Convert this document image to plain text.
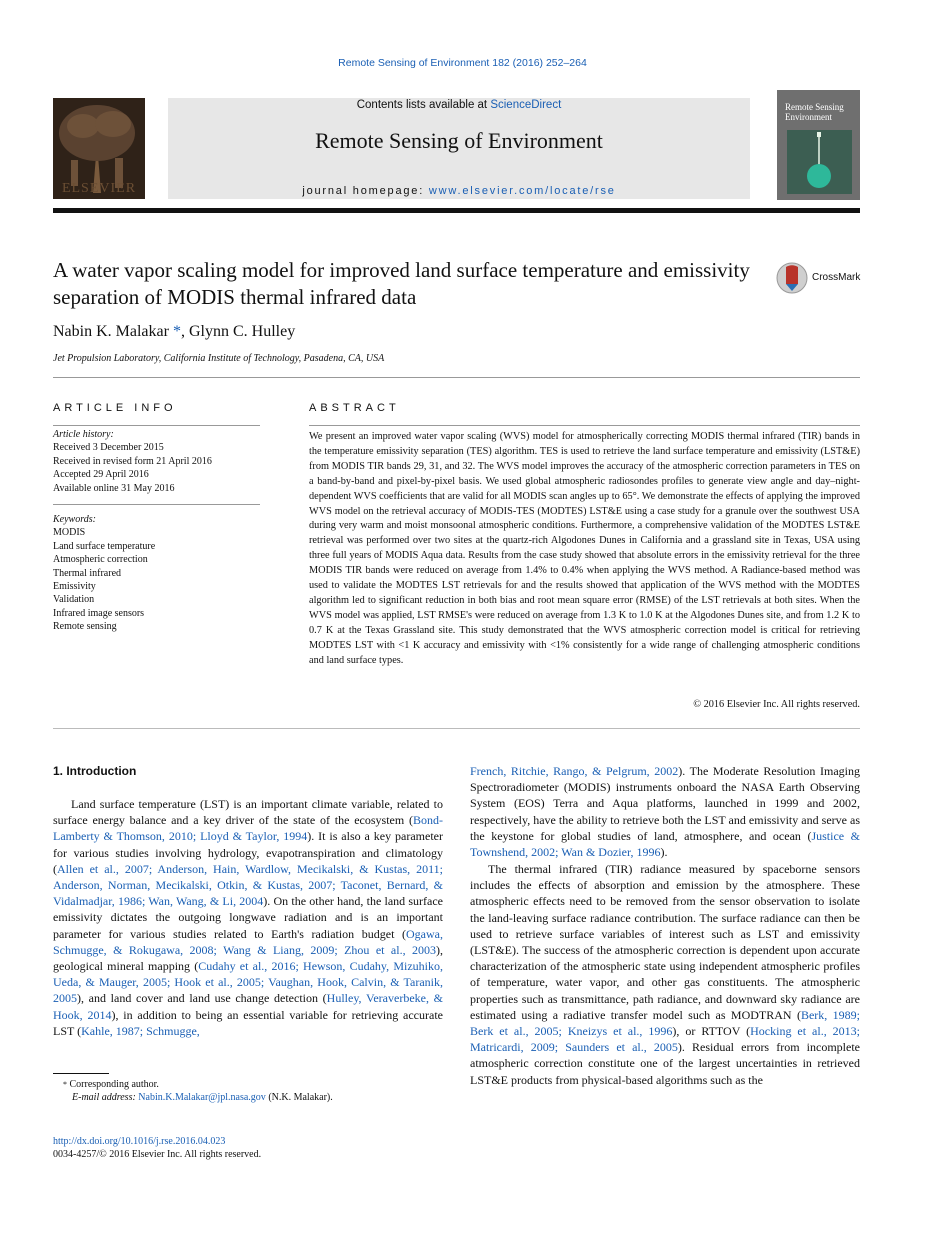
Remote Sensing of Environment 182 (2016) 252–264
ELSEVIER
Contents lists available at ScienceDirect
Remote Sensing of Environment
journal homepage: www.elsevier.com/locate/rse
Remote Sensing Environment
A water vapor scaling model for improved land surface temperature and emissivity separation of MODIS thermal infrared data
CrossMark
Nabin K. Malakar *, Glynn C. Hulley
Jet Propulsion Laboratory, California Institute of Technology, Pasadena, CA, USA
ARTICLE INFO
Article history:
Received 3 December 2015
Received in revised form 21 April 2016
Accepted 29 April 2016
Available online 31 May 2016
Keywords:
MODIS
Land surface temperature
Atmospheric correction
Thermal infrared
Emissivity
Validation
Infrared image sensors
Remote sensing
ABSTRACT
We present an improved water vapor scaling (WVS) model for atmospherically correcting MODIS thermal infrared (TIR) bands in the temperature emissivity separation (TES) algorithm. TES is used to retrieve the land surface temperature and emissivity (LST&E) from MODIS TIR bands 29, 31, and 32. The WVS model improves the accuracy of the atmospheric correction parameters in TES on a band-by-band and pixel-by-pixel basis. We used global atmospheric radiosondes profiles to generate view angle and day–night-dependent WVS coefficients that are valid for all MODIS scan angles up to 65°. We demonstrate the effects of applying the improved WVS model on the retrieval accuracy of MODIS-TES (MODTES) LST&E using a case study for a granule over the southwest USA during very warm and moist monsoonal atmospheric conditions. Furthermore, a comprehensive validation of the MODTES LST&E retrieval was performed over two sites at the quartz-rich Algodones Dunes in California and a grassland site in Texas, USA using three full years of MODIS Aqua data. Results from the case study showed that absolute errors in the emissivity retrieval for the three MODIS TIR bands were reduced on average from 1.4% to 0.4% when applying the WVS method. A Radiance-based method was used to validate the MODTES LST retrievals for and the results showed that application of the WVS method with the MODTES algorithm led to significant reduction in both bias and root mean square error (RMSE) of the LST retrievals at both sites. When the WVS model was applied, LST RMSE's were reduced on average from 1.3 K to 1.0 K at the Algodones Dunes site, and from 1.2 K to 0.7 K at the Texas Grassland site. This study demonstrated that the WVS atmospheric correction model is critical for retrieving MODTES LST with <1 K accuracy and emissivity with <1% consistently for a wide range of challenging atmospheric conditions and land surface types.
© 2016 Elsevier Inc. All rights reserved.
1. Introduction
Land surface temperature (LST) is an important climate variable, related to surface energy balance and a key driver of the state of the ecosystem (Bond-Lamberty & Thomson, 2010; Lloyd & Taylor, 1994). It is also a key parameter for various studies involving hydrology, evapotranspiration and climatology (Allen et al., 2007; Anderson, Hain, Wardlow, Mecikalski, & Kustas, 2011; Anderson, Norman, Mecikalski, Otkin, & Kustas, 2007; Taconet, Bernard, & Vidalmadjar, 1986; Wan, Wang, & Li, 2004). On the other hand, the land surface emissivity dictates the outgoing longwave radiation and is an important parameter for various studies related to Earth's radiation budget (Ogawa, Schmugge, & Rokugawa, 2008; Wang & Liang, 2009; Zhou et al., 2003), geological mineral mapping (Cudahy et al., 2016; Hewson, Cudahy, Mizuhiko, Ueda, & Mauger, 2005; Hook et al., 2005; Vaughan, Hook, Calvin, & Taranik, 2005), and land cover and land use change detection (Hulley, Veraverbeke, & Hook, 2014), in addition to being an essential variable for retrieving accurate LST (Kahle, 1987; Schmugge,
French, Ritchie, Rango, & Pelgrum, 2002). The Moderate Resolution Imaging Spectroradiometer (MODIS) instruments onboard the NASA Earth Observing System (EOS) Terra and Aqua platforms, launched in 1999 and 2002, respectively, have the ability to retrieve both the LST and emissivity and serve as the keystone for global studies of land, atmosphere, and ocean (Justice & Townshend, 2002; Wan & Dozier, 1996).
The thermal infrared (TIR) radiance measured by spaceborne sensors includes the effects of absorption and emission by the atmosphere. These atmospheric effects need to be removed from the sensor observation to isolate the land-leaving surface radiance contribution. The surface radiance can then be used to retrieve surface variables of interest such as LST and emissivity (LST&E). The success of the atmospheric correction is dependent upon accurate characterization of the atmospheric state using independent atmospheric profiles of temperature, water vapor, and other gas constituents. The atmospheric properties such as transmittance, path radiance, and downward sky radiance are estimated using a radiative transfer model such as MODTRAN (Berk, 1989; Berk et al., 2005; Kneizys et al., 1996), or RTTOV (Hocking et al., 2013; Matricardi, 2009; Saunders et al., 2005). Residual errors from incomplete atmospheric correction constitute one of the largest uncertainties in retrieved LST&E products from physical-based algorithms such as the
* Corresponding author.
E-mail address: Nabin.K.Malakar@jpl.nasa.gov (N.K. Malakar).
http://dx.doi.org/10.1016/j.rse.2016.04.023
0034-4257/© 2016 Elsevier Inc. All rights reserved.
